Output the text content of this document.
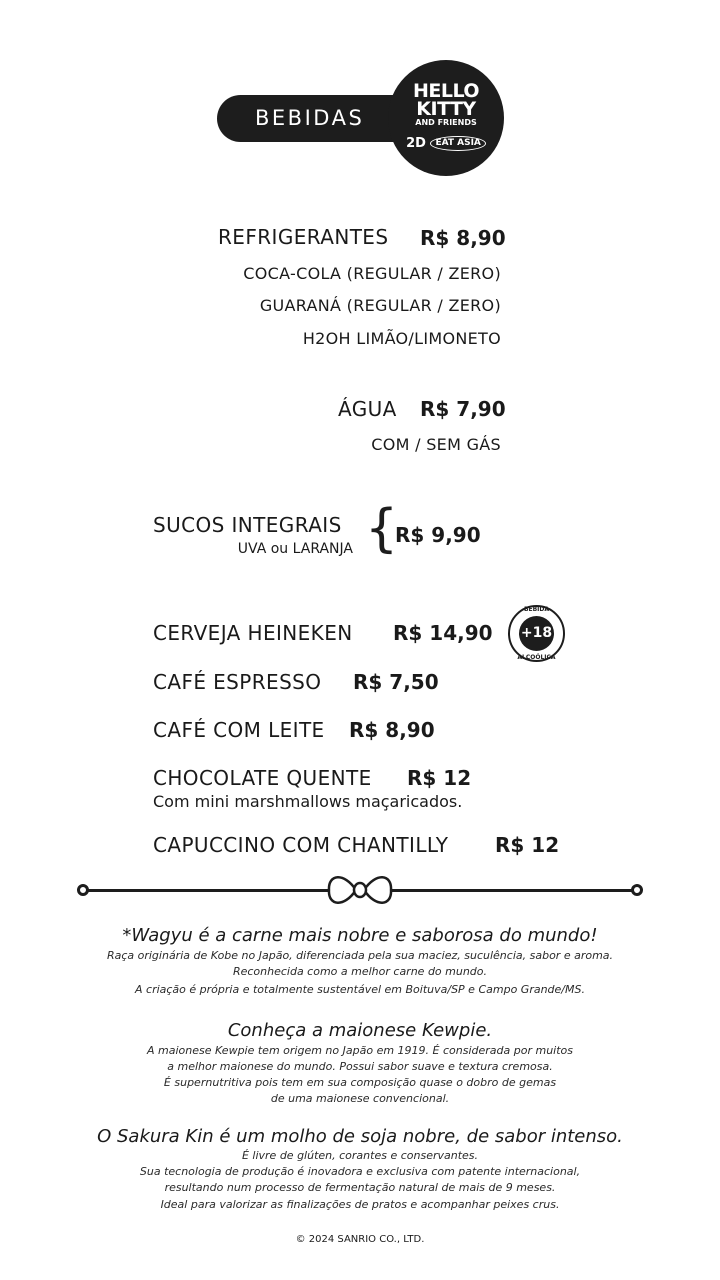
BEBIDAS
HELLO
KITTY
AND FRIENDS
2D EAT ASIA
REFRIGERANTES R$ 8,90
COCA-COLA (REGULAR / ZERO)
GUARANÁ (REGULAR / ZERO)
H2OH LIMÃO/LIMONETO
ÁGUA R$ 7,90
COM / SEM GÁS
SUCOS INTEGRAIS
UVA ou LARANJA {
R$ 9,90
CERVEJA HEINEKEN R$ 14,90
BEBIDA
+18
ALCOÓLICA
CAFÉ ESPRESSO R$ 7,50
CAFÉ COM LEITE R$ 8,90
CHOCOLATE QUENTE R$ 12
Com mini marshmallows maçaricados.
CAPUCCINO COM CHANTILLY R$ 12
*Wagyu é a carne mais nobre e saborosa do mundo!
Raça originária de Kobe no Japão, diferenciada pela sua maciez, suculência, sabor e aroma.
Reconhecida como a melhor carne do mundo.
A criação é própria e totalmente sustentável em Boituva/SP e Campo Grande/MS.
Conheça a maionese Kewpie.
A maionese Kewpie tem origem no Japão em 1919. É considerada por muitos
a melhor maionese do mundo. Possui sabor suave e textura cremosa.
É supernutritiva pois tem em sua composição quase o dobro de gemas
de uma maionese convencional.
O Sakura Kin é um molho de soja nobre, de sabor intenso.
É livre de glúten, corantes e conservantes.
Sua tecnologia de produção é inovadora e exclusiva com patente internacional,
resultando num processo de fermentação natural de mais de 9 meses.
Ideal para valorizar as finalizações de pratos e acompanhar peixes crus.
© 2024 SANRIO CO., LTD.
